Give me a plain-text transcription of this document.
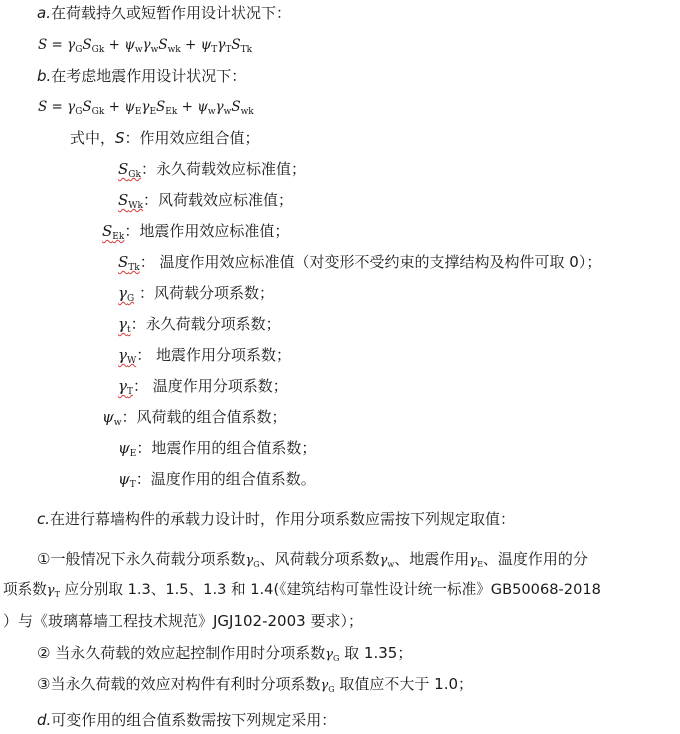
a.在荷载持久或短暂作用设计状况下：
$S = \gamma_GS_{Gk} + \psi_w\gamma_wS_{wk} + \psi_T\gamma_TS_{Tk}$
b.在考虑地震作用设计状况下：
$S = \gamma_GS_{Gk} + \psi_E\gamma_ES_{Ek} + \psi_w\gamma_wS_{wk}$
式中，S：作用效应组合值；
$S_{Gk}$：永久荷载效应标准值；
$S_{Wk}$：风荷载效应标准值；
$S_{Ek}$：地震作用效应标准值；
$S_{Tk}$： 温度作用效应标准值（对变形不受约束的支撑结构及构件可取 0）；
$\gamma_G$ ：风荷载分项系数；
$\gamma_t$：永久荷载分项系数；
$\gamma_W$： 地震作用分项系数；
$\gamma_T$： 温度作用分项系数；
$\psi_w$：风荷载的组合值系数；
$\psi_E$：地震作用的组合值系数；
$\psi_T$：温度作用的组合值系数。
c.在进行幕墙构件的承载力设计时，作用分项系数应需按下列规定取值：
①一般情况下永久荷载分项系数$\gamma_G$、风荷载分项系数$\gamma_w$、地震作用$\gamma_E$、温度作用的分
项系数$\gamma_T$ 应分别取 1.3、1.5、1.3 和 1.4(《建筑结构可靠性设计统一标准》GB50068-2018
）与《玻璃幕墙工程技术规范》JGJ102-2003 要求）；
② 当永久荷载的效应起控制作用时分项系数$\gamma_G$ 取 1.35；
③当永久荷载的效应对构件有利时分项系数$\gamma_G$ 取值应不大于 1.0；
d.可变作用的组合值系数需按下列规定采用：
